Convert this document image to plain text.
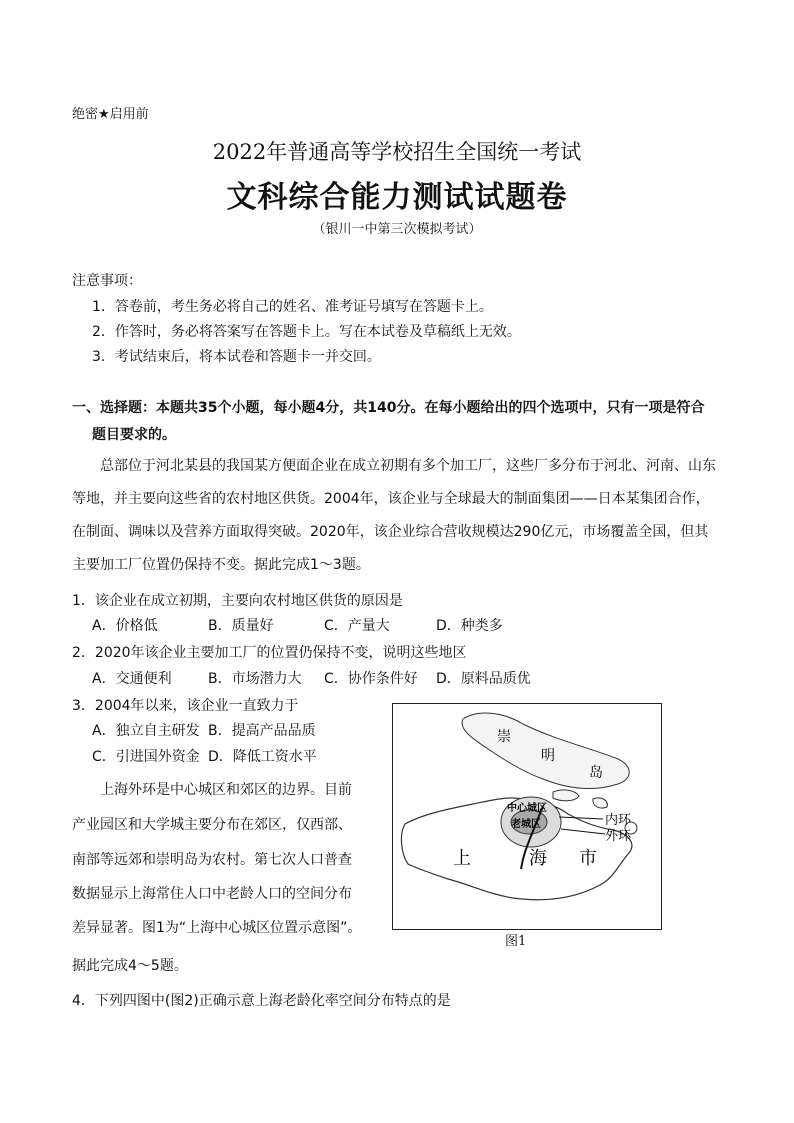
绝密★启用前
2022年普通高等学校招生全国统一考试
文科综合能力测试试题卷
（银川一中第三次模拟考试）
注意事项：
1．答卷前，考生务必将自己的姓名、准考证号填写在答题卡上。
2．作答时，务必将答案写在答题卡上。写在本试卷及草稿纸上无效。
3．考试结束后，将本试卷和答题卡一并交回。
一、选择题：本题共35个小题，每小题4分，共140分。在每小题给出的四个选项中，只有一项是符合
题目要求的。
总部位于河北某县的我国某方便面企业在成立初期有多个加工厂，这些厂多分布于河北、河南、山东
等地，并主要向这些省的农村地区供货。2004年，该企业与全球最大的制面集团——日本某集团合作，
在制面、调味以及营养方面取得突破。2020年，该企业综合营收规模达290亿元，市场覆盖全国，但其
主要加工厂位置仍保持不变。据此完成1～3题。
1．该企业在成立初期，主要向农村地区供货的原因是
A．价格低	B．质量好	C．产量大	D．种类多
2．2020年该企业主要加工厂的位置仍保持不变，说明这些地区
A．交通便利	B．市场潜力大 C．协作条件好 D．原料品质优
3．2004年以来，该企业一直致力于
A．独立自主研发 B．提高产品品质
C．引进国外资金 D．降低工资水平
上海外环是中心城区和郊区的边界。目前
产业园区和大学城主要分布在郊区，仅西部、
南部等远郊和崇明岛为农村。第七次人口普查
数据显示上海常住人口中老龄人口的空间分布
差异显著。图1为“上海中心城区位置示意图”。
据此完成4～5题。
4．下列四图中(图2)正确示意上海老龄化率空间分布特点的是
崇
明
岛
中心城区
老城区	内环
外环
上	海 市
图1
